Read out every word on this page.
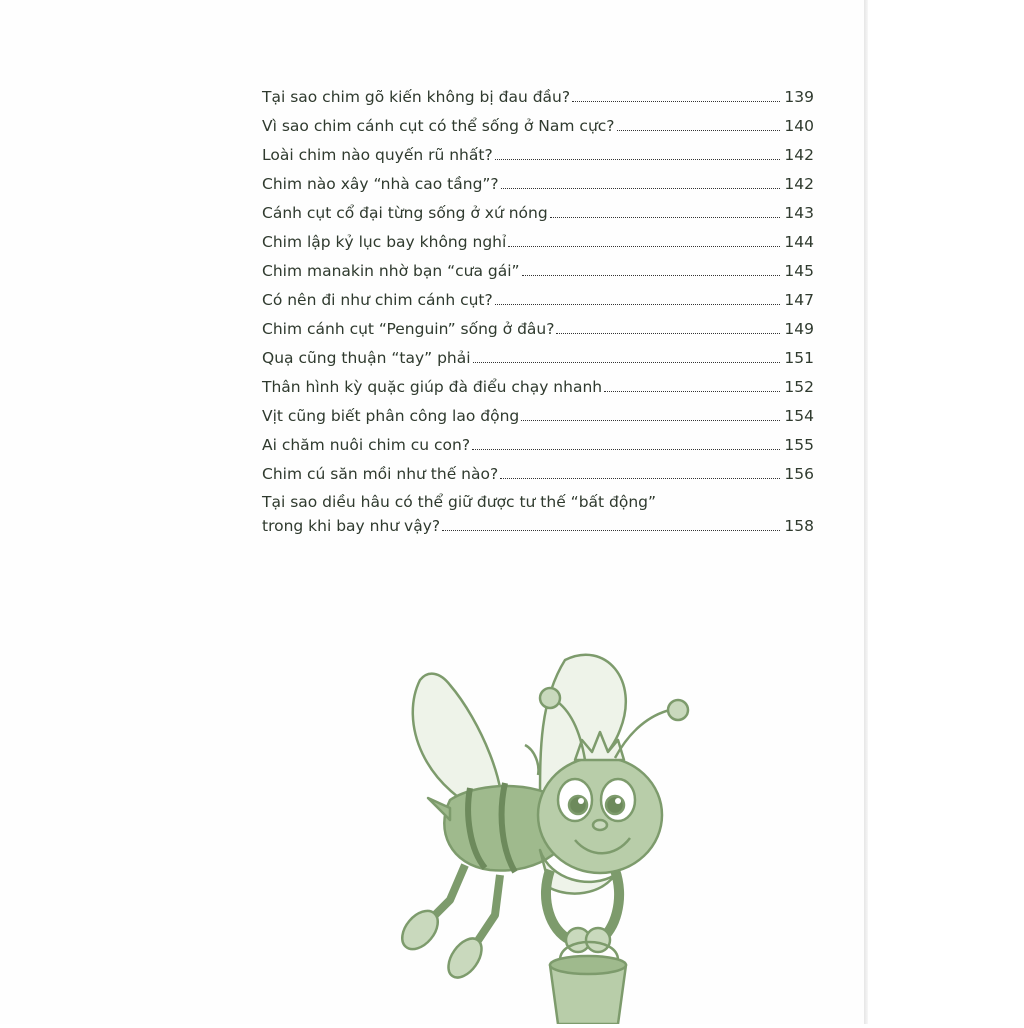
Tại sao chim gõ kiến không bị đau đầu?	139
Vì sao chim cánh cụt có thể sống ở Nam cực?	140
Loài chim nào quyến rũ nhất?	142
Chim nào xây “nhà cao tầng”?	142
Cánh cụt cổ đại từng sống ở xứ nóng	143
Chim lập kỷ lục bay không nghỉ	144
Chim manakin nhờ bạn “cưa gái”	145
Có nên đi như chim cánh cụt?	147
Chim cánh cụt “Penguin” sống ở đâu?	149
Quạ cũng thuận “tay” phải	151
Thân hình kỳ quặc giúp đà điểu chạy nhanh	152
Vịt cũng biết phân công lao động	154
Ai chăm nuôi chim cu con?	155
Chim cú săn mồi như thế nào?	156
Tại sao diều hâu có thể giữ được tư thế “bất động”
trong khi bay như vậy?	158
